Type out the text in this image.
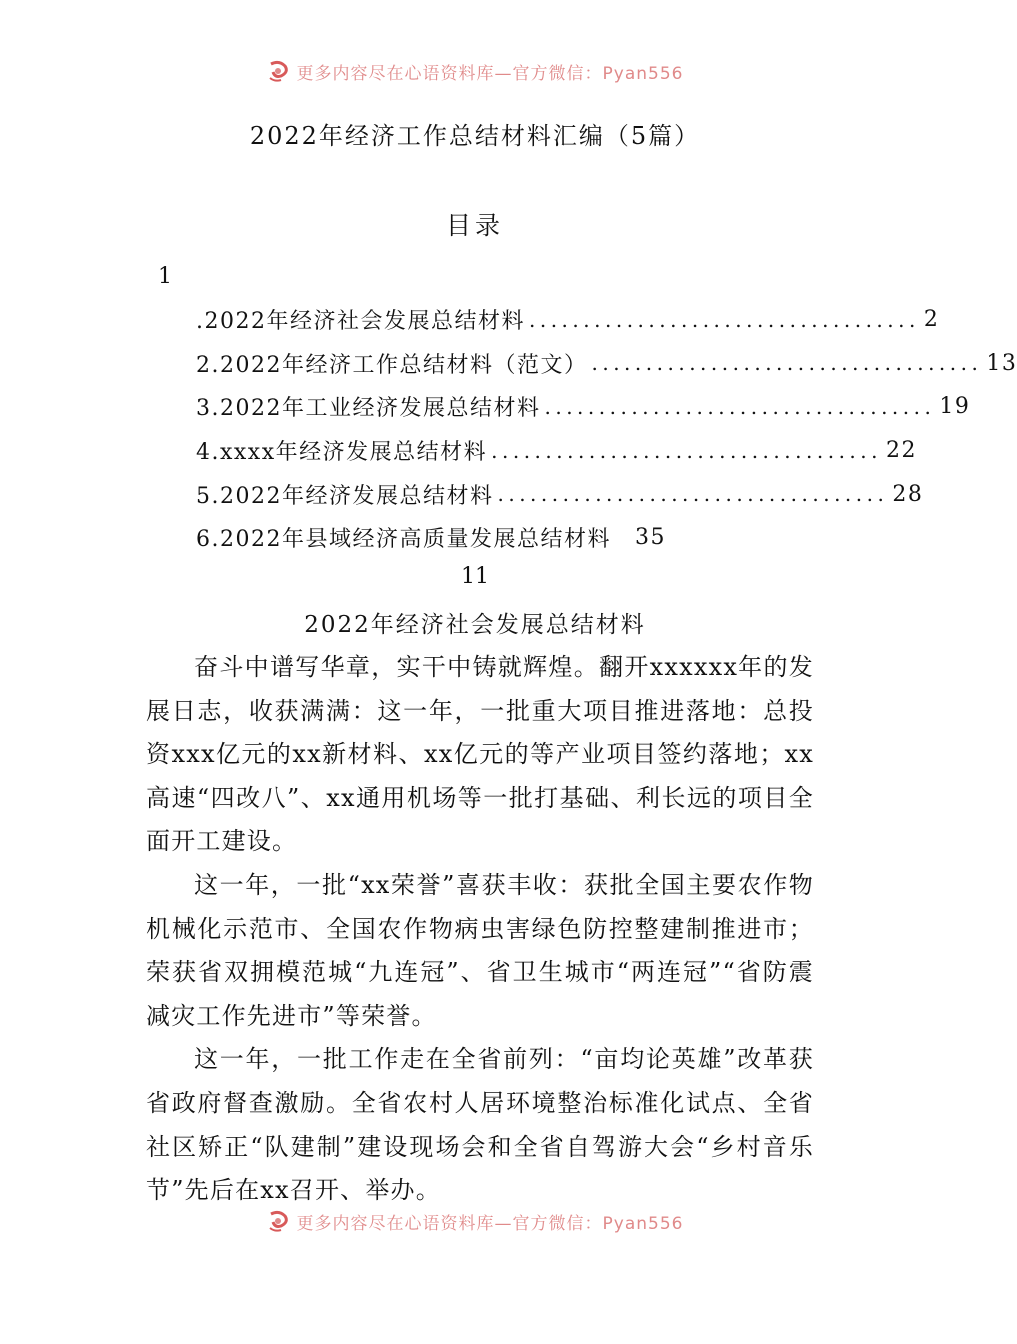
更多内容尽在心语资料库—官方微信：Pyan556
2022年经济工作总结材料汇编（5篇）
目录
1
.2022年经济社会发展总结材料 .................................... 2
2.2022年经济工作总结材料（范文） .................................... 13
3.2022年工业经济发展总结材料 .................................... 19
4.xxxx年经济发展总结材料 .................................... 22
5.2022年经济发展总结材料 .................................... 28
6.2022年县域经济高质量发展总结材料 35
11
2022年经济社会发展总结材料

奋斗中谱写华章，实干中铸就辉煌。翻开xxxxxx年的发展日志，收获满满：这一年，一批重大项目推进落地：总投资xxx亿元的xx新材料、xx亿元的等产业项目签约落地；xx高速“四改八”、xx通用机场等一批打基础、利长远的项目全面开工建设。

这一年，一批“xx荣誉”喜获丰收：获批全国主要农作物机械化示范市、全国农作物病虫害绿色防控整建制推进市；荣获省双拥模范城“九连冠”、省卫生城市“两连冠”“省防震减灾工作先进市”等荣誉。

这一年，一批工作走在全省前列：“亩均论英雄”改革获省政府督查激励。全省农村人居环境整治标准化试点、全省社区矫正“队建制”建设现场会和全省自驾游大会“乡村音乐节”先后在xx召开、举办。

更多内容尽在心语资料库—官方微信：Pyan556
